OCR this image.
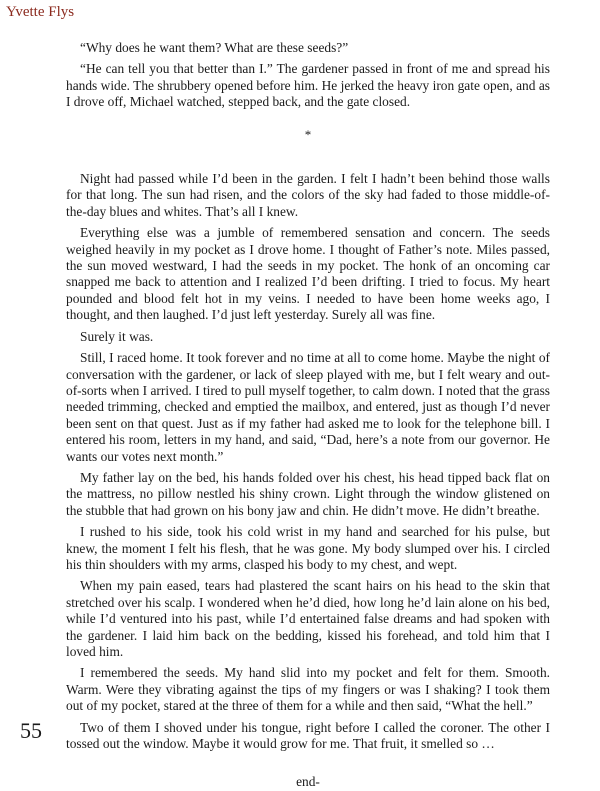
Yvette Flys

“Why does he want them? What are these seeds?”

“He can tell you that better than I.” The gardener passed in front of me and spread his hands wide. The shrubbery opened before him. He jerked the heavy iron gate open, and as I drove off, Michael watched, stepped back, and the gate closed.

*

Night had passed while I’d been in the garden. I felt I hadn’t been behind those walls for that long. The sun had risen, and the colors of the sky had faded to those middle-of-the-day blues and whites. That’s all I knew.

Everything else was a jumble of remembered sensation and concern. The seeds weighed heavily in my pocket as I drove home. I thought of Father’s note. Miles passed, the sun moved westward, I had the seeds in my pocket. The honk of an oncoming car snapped me back to attention and I realized I’d been drifting. I tried to focus. My heart pounded and blood felt hot in my veins. I needed to have been home weeks ago, I thought, and then laughed. I’d just left yesterday. Surely all was fine.

Surely it was.

Still, I raced home. It took forever and no time at all to come home. Maybe the night of conversation with the gardener, or lack of sleep played with me, but I felt weary and out-of-sorts when I arrived. I tired to pull myself together, to calm down. I noted that the grass needed trimming, checked and emptied the mailbox, and entered, just as though I’d never been sent on that quest. Just as if my father had asked me to look for the telephone bill. I entered his room, letters in my hand, and said, “Dad, here’s a note from our governor. He wants our votes next month.”

My father lay on the bed, his hands folded over his chest, his head tipped back flat on the mattress, no pillow nestled his shiny crown. Light through the window glistened on the stubble that had grown on his bony jaw and chin. He didn’t move. He didn’t breathe.

I rushed to his side, took his cold wrist in my hand and searched for his pulse, but knew, the moment I felt his flesh, that he was gone. My body slumped over his. I circled his thin shoulders with my arms, clasped his body to my chest, and wept.

When my pain eased, tears had plastered the scant hairs on his head to the skin that stretched over his scalp. I wondered when he’d died, how long he’d lain alone on his bed, while I’d ventured into his past, while I’d entertained false dreams and had spoken with the gardener. I laid him back on the bedding, kissed his forehead, and told him that I loved him.

I remembered the seeds. My hand slid into my pocket and felt for them. Smooth. Warm. Were they vibrating against the tips of my fingers or was I shaking? I took them out of my pocket, stared at the three of them for a while and then said, “What the hell.”

Two of them I shoved under his tongue, right before I called the coroner. The other I tossed out the window. Maybe it would grow for me. That fruit, it smelled so …

end-
55
